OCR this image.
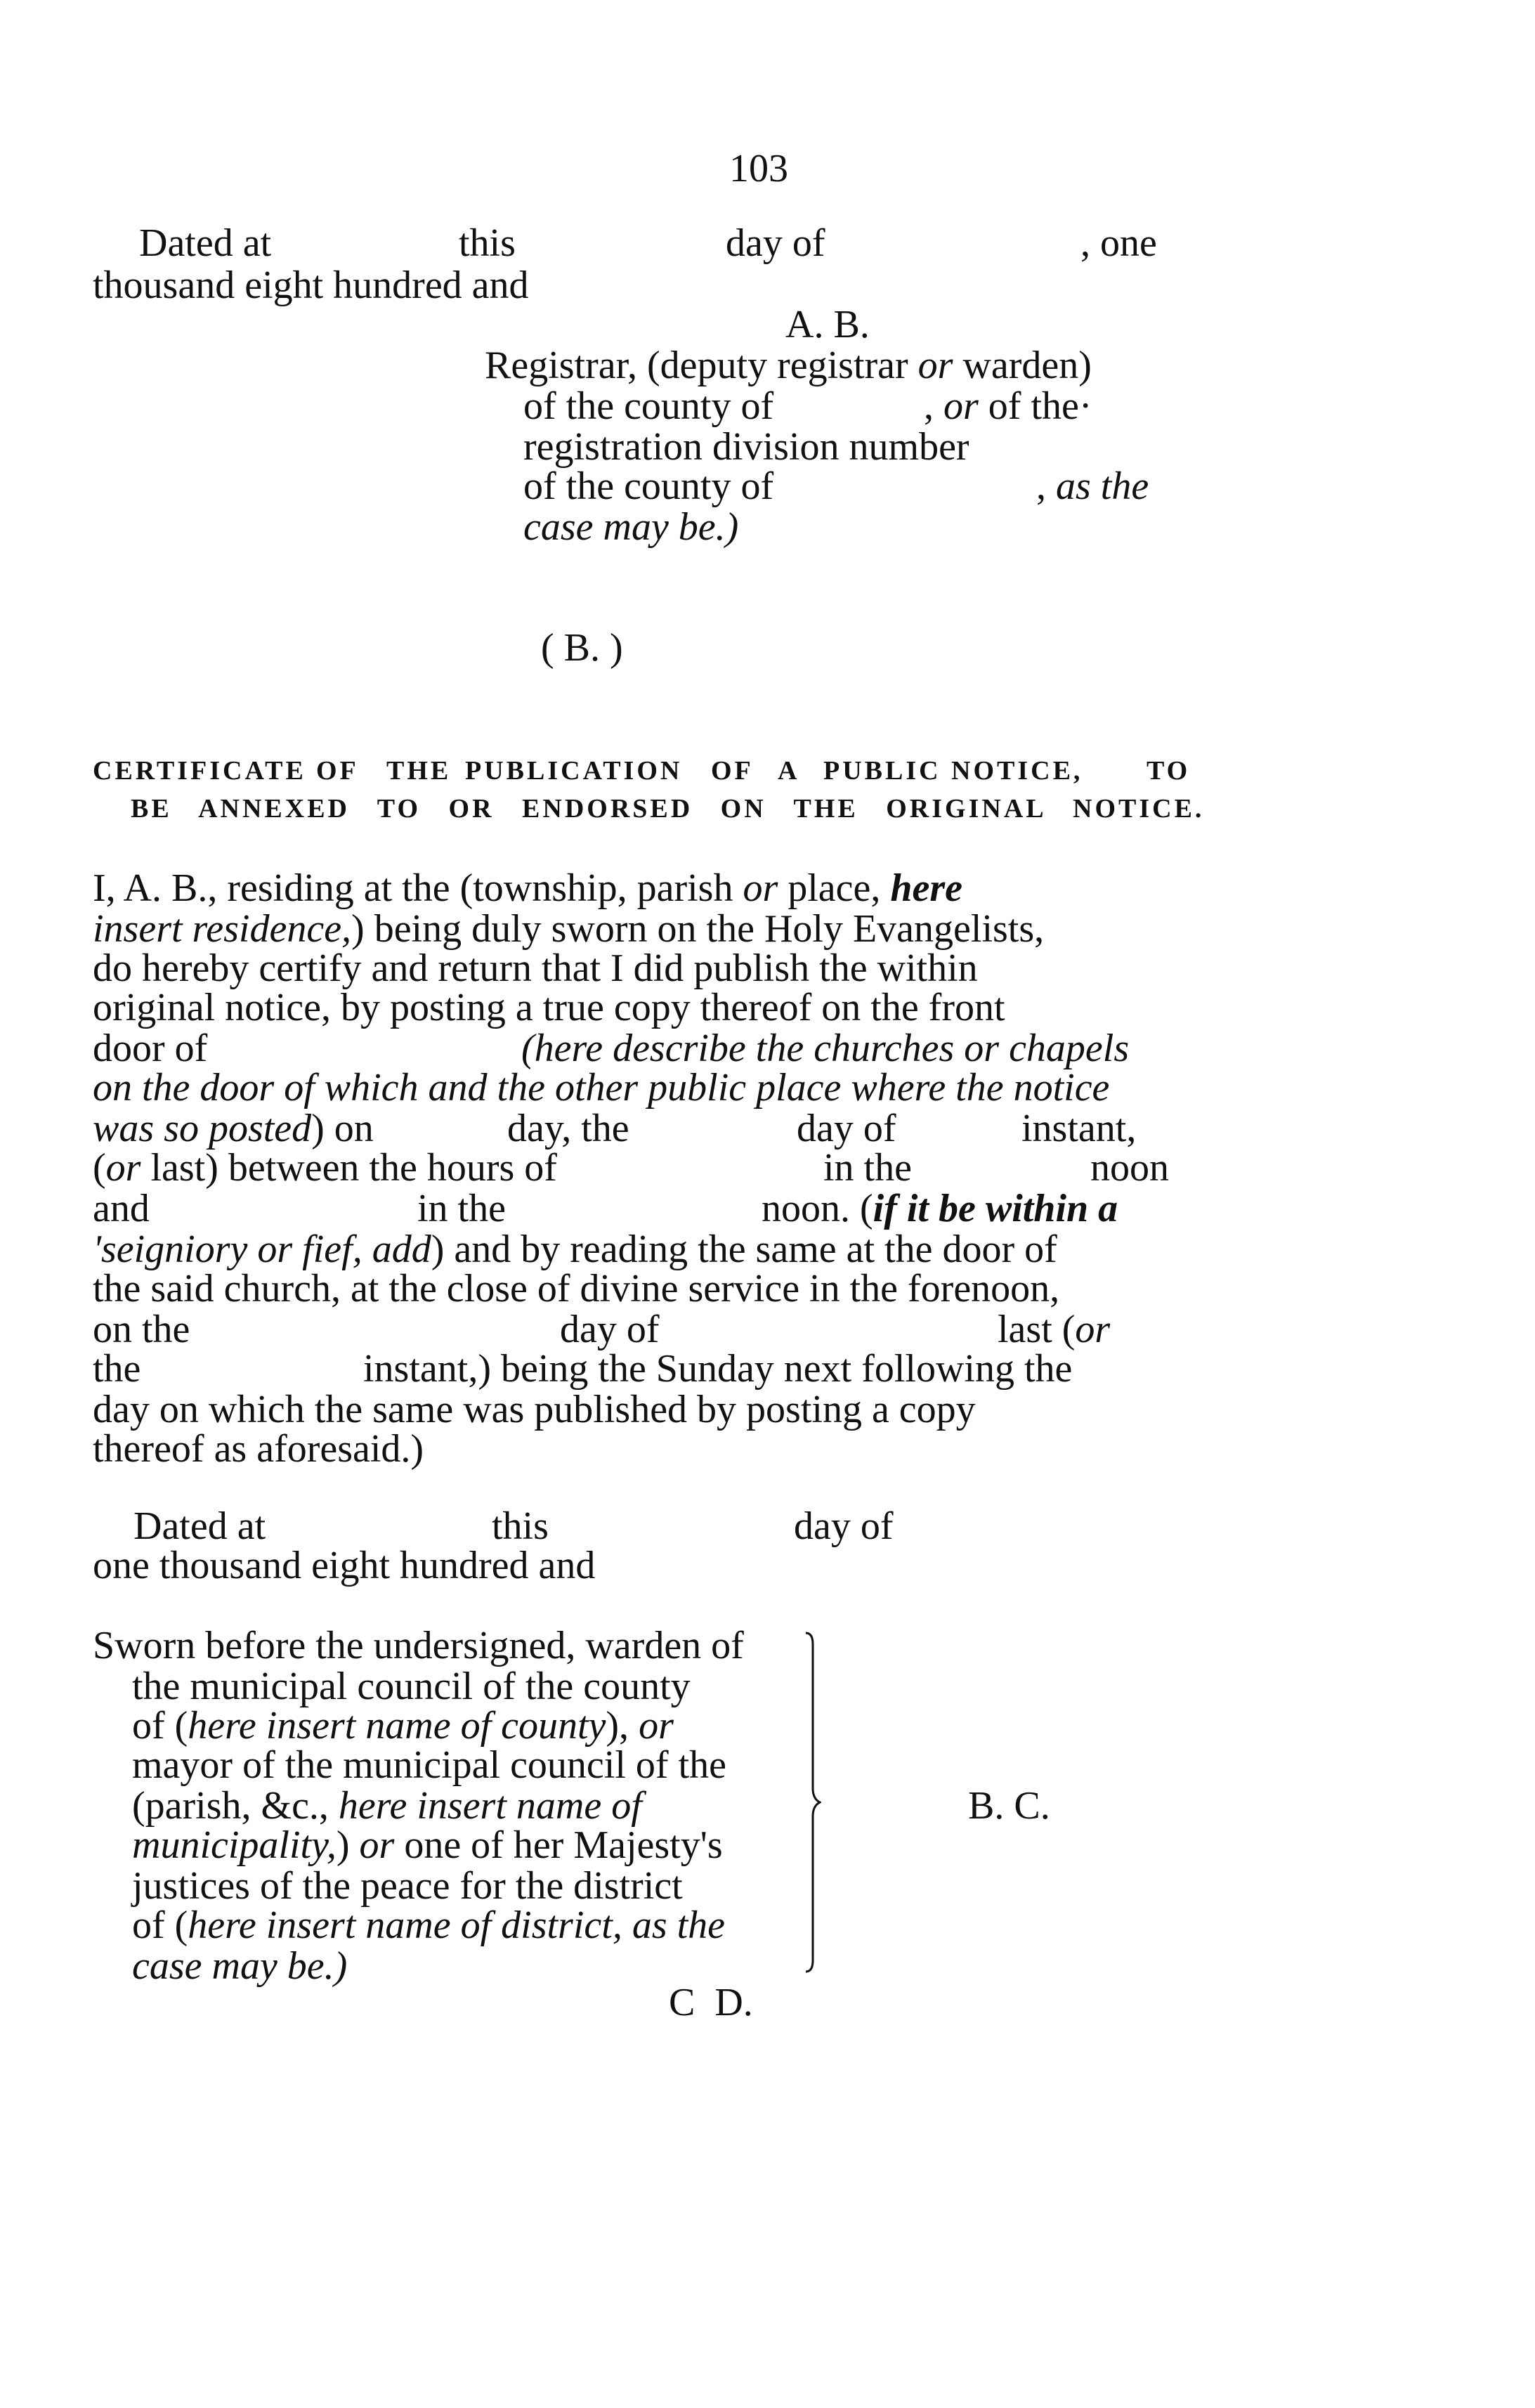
103
Dated at	this	day of	, one
thousand eight hundred and
A. B.
Registrar, (deputy registrar or warden)
of the county of	, or of the·
registration division number
of the county of	, as the
case may be.)
( B. )
CERTIFICATE OF THE PUBLICATION OF A PUBLIC NOTICE, TO
BE ANNEXED TO OR ENDORSED ON THE ORIGINAL NOTICE.
I, A. B., residing at the (township, parish or place, here
insert residence,) being duly sworn on the Holy Evangelists,
do hereby certify and return that I did publish the within
original notice, by posting a true copy thereof on the front
door of	(here describe the churches or chapels
on the door of which and the other public place where the notice
was so posted) on	day, the	day of	instant,
(or last) between the hours of	in the	noon
and	in the	noon. (if it be within a
'seigniory or fief, add) and by reading the same at the door of
the said church, at the close of divine service in the forenoon,
on the	day of	last (or
the	instant,) being the Sunday next following the
day on which the same was published by posting a copy
thereof as aforesaid.)
Dated at	this	day of
one thousand eight hundred and
Sworn before the undersigned, warden of
the municipal council of the county
of (here insert name of county), or
mayor of the municipal council of the
(parish, &c., here insert name of
municipality,) or one of her Majesty's
justices of the peace for the district
of (here insert name of district, as the
case may be.)
B. C.
C  D.
